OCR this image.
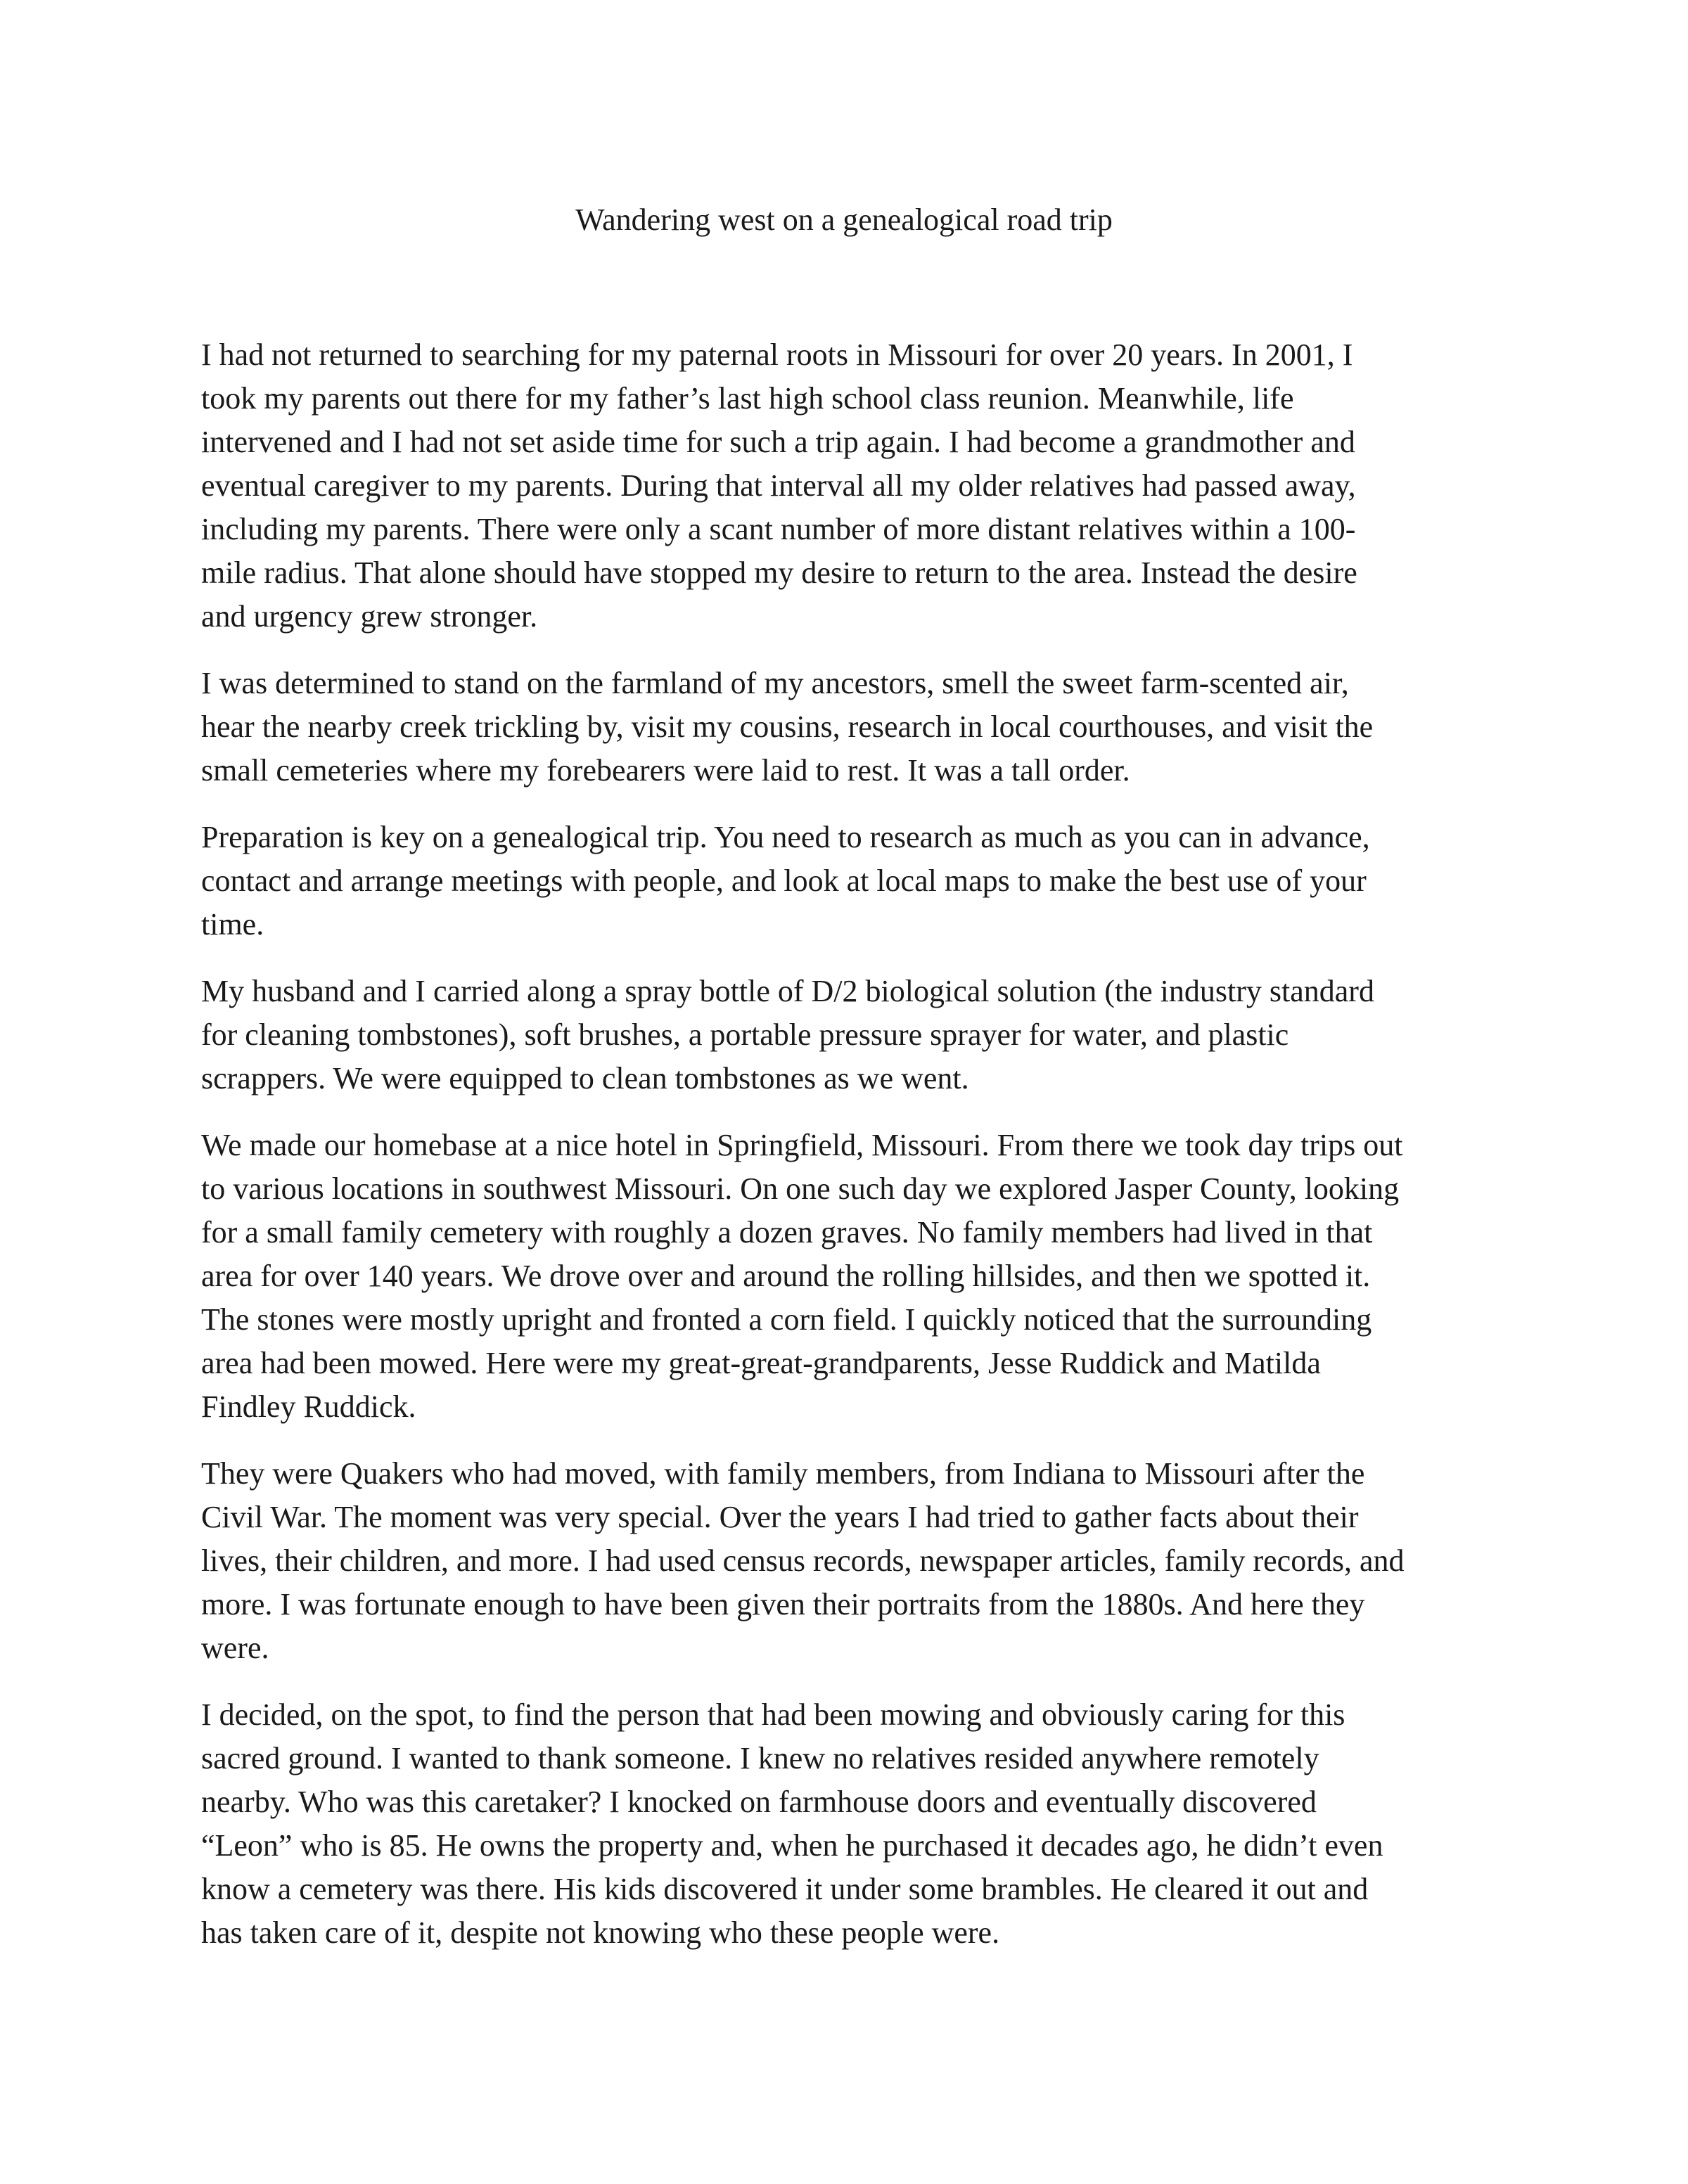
Wandering west on a genealogical road trip

I had not returned to searching for my paternal roots in Missouri for over 20 years. In 2001, I
took my parents out there for my father’s last high school class reunion. Meanwhile, life
intervened and I had not set aside time for such a trip again. I had become a grandmother and
eventual caregiver to my parents. During that interval all my older relatives had passed away,
including my parents. There were only a scant number of more distant relatives within a 100-
mile radius. That alone should have stopped my desire to return to the area. Instead the desire
and urgency grew stronger.

I was determined to stand on the farmland of my ancestors, smell the sweet farm-scented air,
hear the nearby creek trickling by, visit my cousins, research in local courthouses, and visit the
small cemeteries where my forebearers were laid to rest. It was a tall order.

Preparation is key on a genealogical trip. You need to research as much as you can in advance,
contact and arrange meetings with people, and look at local maps to make the best use of your
time.

My husband and I carried along a spray bottle of D/2 biological solution (the industry standard
for cleaning tombstones), soft brushes, a portable pressure sprayer for water, and plastic
scrappers. We were equipped to clean tombstones as we went.

We made our homebase at a nice hotel in Springfield, Missouri. From there we took day trips out
to various locations in southwest Missouri. On one such day we explored Jasper County, looking
for a small family cemetery with roughly a dozen graves. No family members had lived in that
area for over 140 years. We drove over and around the rolling hillsides, and then we spotted it.
The stones were mostly upright and fronted a corn field. I quickly noticed that the surrounding
area had been mowed. Here were my great-great-grandparents, Jesse Ruddick and Matilda
Findley Ruddick.

They were Quakers who had moved, with family members, from Indiana to Missouri after the
Civil War. The moment was very special. Over the years I had tried to gather facts about their
lives, their children, and more. I had used census records, newspaper articles, family records, and
more. I was fortunate enough to have been given their portraits from the 1880s. And here they
were.

I decided, on the spot, to find the person that had been mowing and obviously caring for this
sacred ground. I wanted to thank someone. I knew no relatives resided anywhere remotely
nearby. Who was this caretaker? I knocked on farmhouse doors and eventually discovered
“Leon” who is 85. He owns the property and, when he purchased it decades ago, he didn’t even
know a cemetery was there. His kids discovered it under some brambles. He cleared it out and
has taken care of it, despite not knowing who these people were.
